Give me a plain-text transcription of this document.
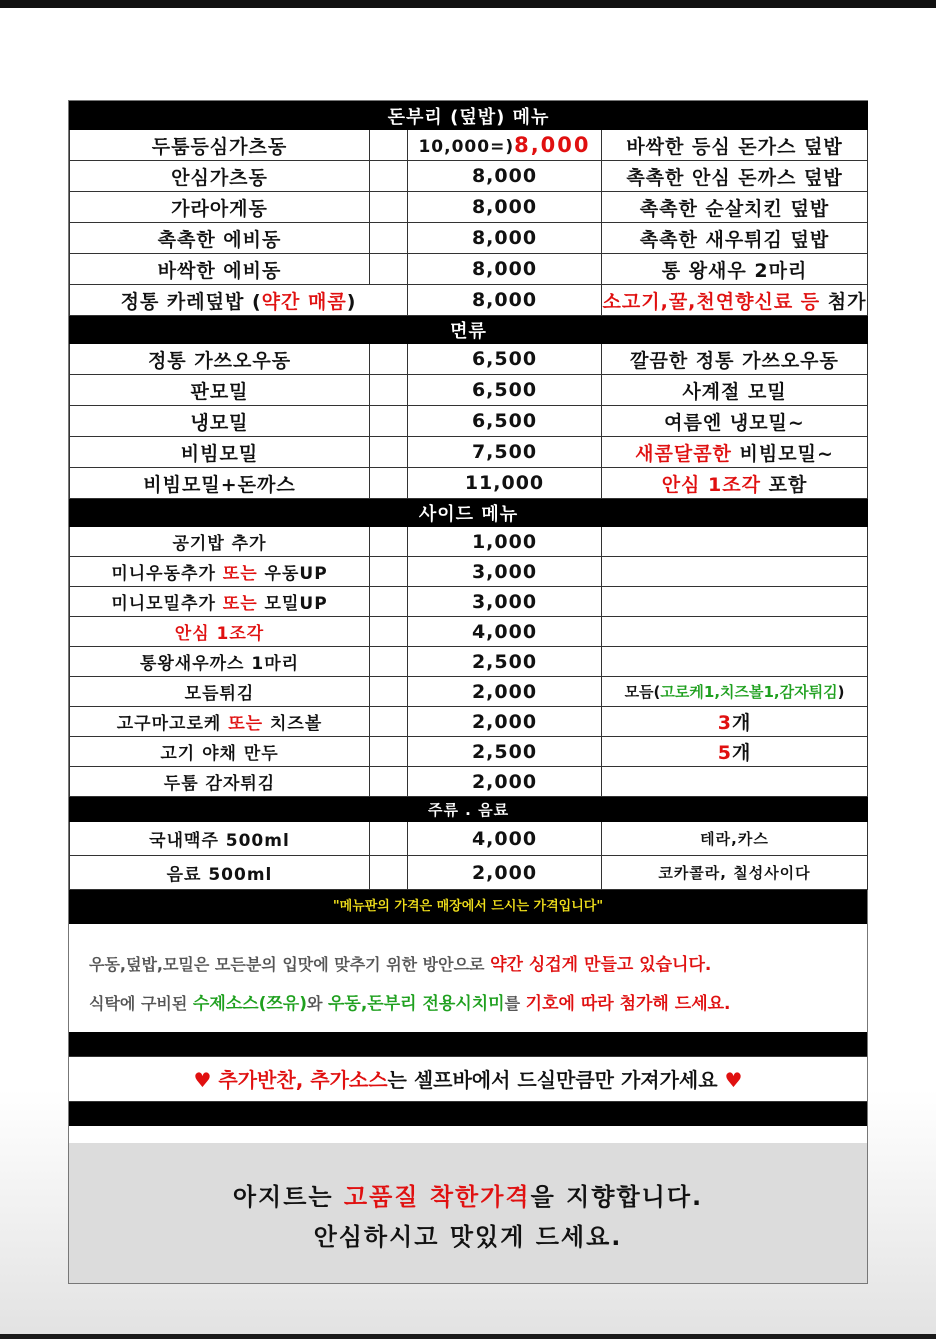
돈부리 (덮밥) 메뉴			
두툼등심가츠동		10,000=)8,000	바싹한 등심 돈가스 덮밥
안심가츠동		8,000	촉촉한 안심 돈까스 덮밥
가라아게동		8,000	촉촉한 순살치킨 덮밥
촉촉한 에비동		8,000	촉촉한 새우튀김 덮밥
바싹한 에비동		8,000	통 왕새우 2마리
정통 카레덮밥 (약간 매콤)		8,000	소고기,꿀,천연향신료 등 첨가
면류			
정통 가쓰오우동		6,500	깔끔한 정통 가쓰오우동
판모밀		6,500	사계절 모밀
냉모밀		6,500	여름엔 냉모밀~
비빔모밀		7,500	새콤달콤한 비빔모밀~
비빔모밀+돈까스		11,000	안심 1조각 포함
사이드 메뉴			
공기밥 추가		1,000	
미니우동추가 또는 우동UP		3,000	
미니모밀추가 또는 모밀UP		3,000	
안심 1조각		4,000	
통왕새우까스 1마리		2,500	
모듬튀김		2,000	모듬(고로케1,치즈볼1,감자튀김)
고구마고로케 또는 치즈볼		2,000	3개
고기 야채 만두		2,500	5개
두툼 감자튀김		2,000	
주류 . 음료			
국내맥주 500ml		4,000	테라,카스
음료 500ml		2,000	코카콜라, 칠성사이다
"메뉴판의 가격은 매장에서 드시는 가격입니다"
우동,덮밥,모밀은 모든분의 입맛에 맞추기 위한 방안으로 약간 싱겁게 만들고 있습니다.
식탁에 구비된 수제소스(쯔유)와 우동,돈부리 전용시치미를 기호에 따라 첨가해 드세요.
♥ 추가반찬, 추가소스는 셀프바에서 드실만큼만 가져가세요 ♥
아지트는 고품질 착한가격을 지향합니다.
안심하시고 맛있게 드세요.
